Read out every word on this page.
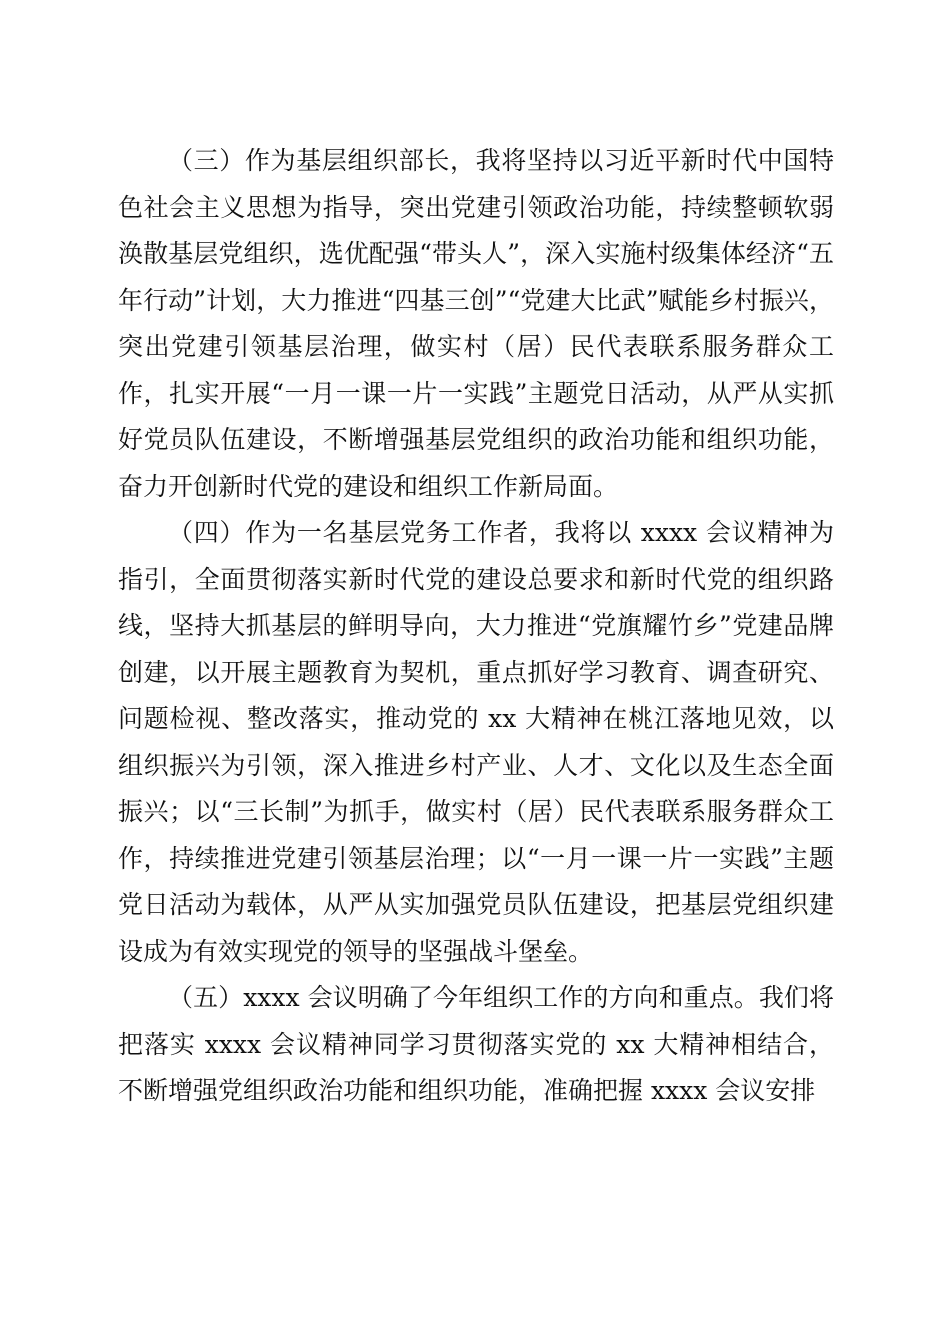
（三）作为基层组织部长，我将坚持以习近平新时代中国特色社会主义思想为指导，突出党建引领政治功能，持续整顿软弱涣散基层党组织，选优配强“带头人”，深入实施村级集体经济“五年行动”计划，大力推进“四基三创”“党建大比武”赋能乡村振兴，突出党建引领基层治理，做实村（居）民代表联系服务群众工作，扎实开展“一月一课一片一实践”主题党日活动，从严从实抓好党员队伍建设，不断增强基层党组织的政治功能和组织功能，奋力开创新时代党的建设和组织工作新局面。

（四）作为一名基层党务工作者，我将以 xxxx 会议精神为指引，全面贯彻落实新时代党的建设总要求和新时代党的组织路线，坚持大抓基层的鲜明导向，大力推进“党旗耀竹乡”党建品牌创建，以开展主题教育为契机，重点抓好学习教育、调查研究、问题检视、整改落实，推动党的 xx 大精神在桃江落地见效，以组织振兴为引领，深入推进乡村产业、人才、文化以及生态全面振兴；以“三长制”为抓手，做实村（居）民代表联系服务群众工作，持续推进党建引领基层治理；以“一月一课一片一实践”主题党日活动为载体，从严从实加强党员队伍建设，把基层党组织建设成为有效实现党的领导的坚强战斗堡垒。

（五）xxxx 会议明确了今年组织工作的方向和重点。我们将把落实 xxxx 会议精神同学习贯彻落实党的 xx 大精神相结合，不断增强党组织政治功能和组织功能，准确把握 xxxx 会议安排
